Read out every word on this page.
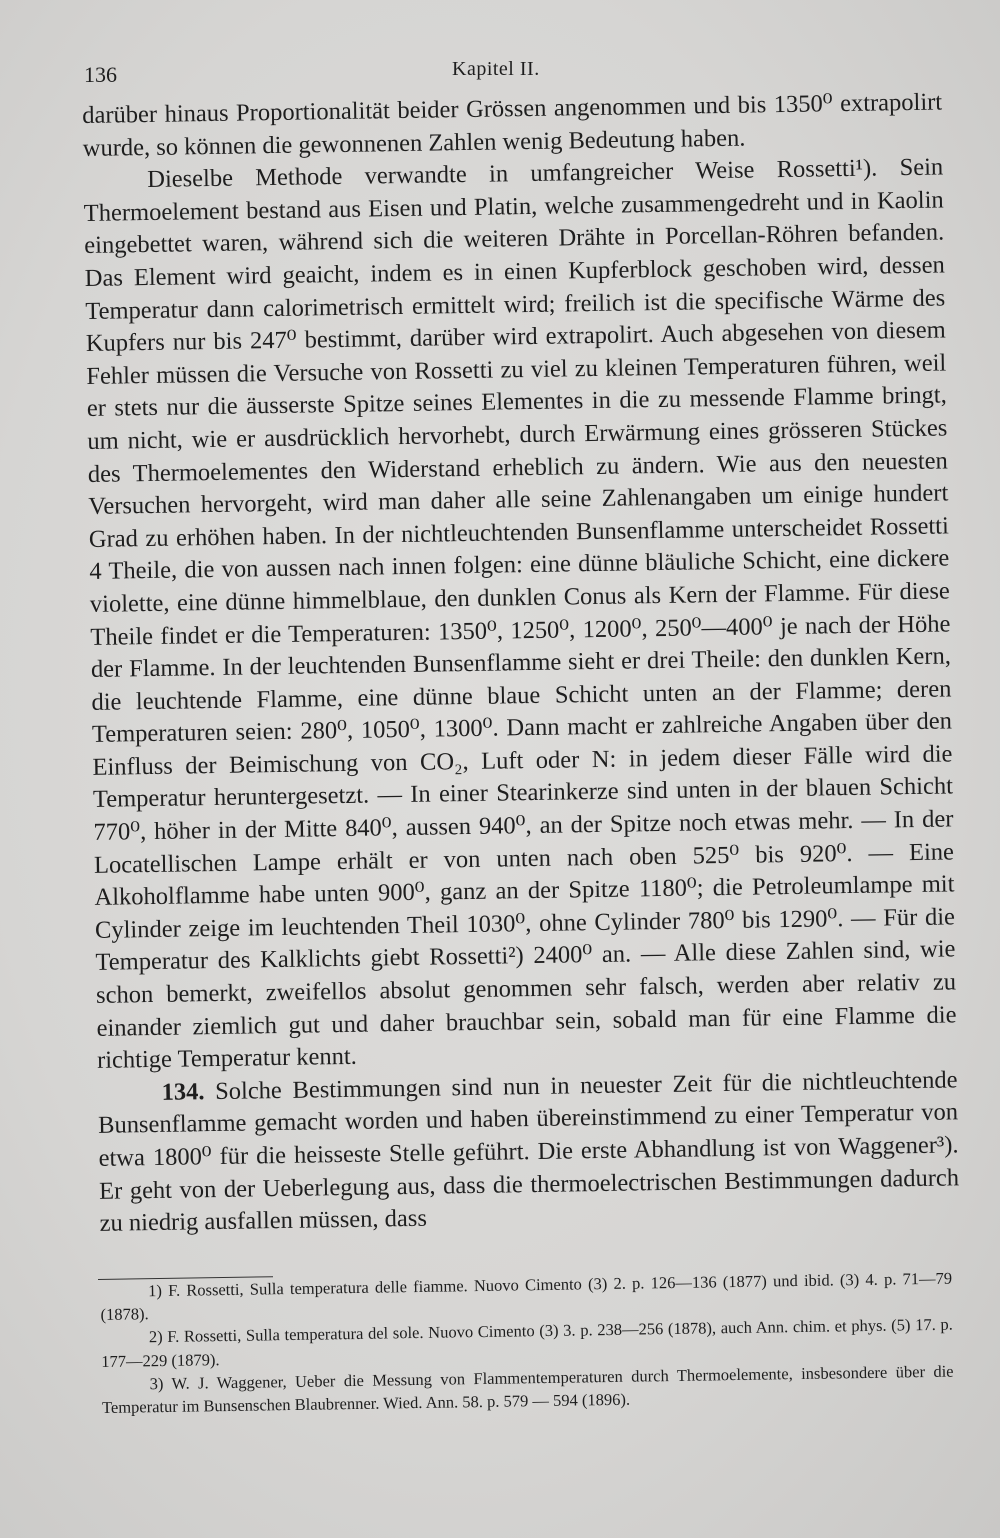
136	Kapitel II.

darüber hinaus Proportionalität beider Grössen angenommen und bis 1350⁰ extrapolirt wurde, so können die gewonnenen Zahlen wenig Bedeutung haben.

Dieselbe Methode verwandte in umfangreicher Weise Rossetti¹). Sein Thermoelement bestand aus Eisen und Platin, welche zusammengedreht und in Kaolin eingebettet waren, während sich die weiteren Drähte in Porcellan-Röhren befanden. Das Element wird geaicht, indem es in einen Kupferblock geschoben wird, dessen Temperatur dann calorimetrisch ermittelt wird; freilich ist die specifische Wärme des Kupfers nur bis 247⁰ bestimmt, darüber wird extrapolirt. Auch abgesehen von diesem Fehler müssen die Versuche von Rossetti zu viel zu kleinen Temperaturen führen, weil er stets nur die äusserste Spitze seines Elementes in die zu messende Flamme bringt, um nicht, wie er ausdrücklich hervorhebt, durch Erwärmung eines grösseren Stückes des Thermoelementes den Widerstand erheblich zu ändern. Wie aus den neuesten Versuchen hervorgeht, wird man daher alle seine Zahlenangaben um einige hundert Grad zu erhöhen haben. In der nichtleuchtenden Bunsenflamme unterscheidet Rossetti 4 Theile, die von aussen nach innen folgen: eine dünne bläuliche Schicht, eine dickere violette, eine dünne himmelblaue, den dunklen Conus als Kern der Flamme. Für diese Theile findet er die Temperaturen: 1350⁰, 1250⁰, 1200⁰, 250⁰—400⁰ je nach der Höhe der Flamme. In der leuchtenden Bunsenflamme sieht er drei Theile: den dunklen Kern, die leuchtende Flamme, eine dünne blaue Schicht unten an der Flamme; deren Temperaturen seien: 280⁰, 1050⁰, 1300⁰. Dann macht er zahlreiche Angaben über den Einfluss der Beimischung von CO₂, Luft oder N: in jedem dieser Fälle wird die Temperatur heruntergesetzt. — In einer Stearinkerze sind unten in der blauen Schicht 770⁰, höher in der Mitte 840⁰, aussen 940⁰, an der Spitze noch etwas mehr. — In der Locatellischen Lampe erhält er von unten nach oben 525⁰ bis 920⁰. — Eine Alkoholflamme habe unten 900⁰, ganz an der Spitze 1180⁰; die Petroleumlampe mit Cylinder zeige im leuchtenden Theil 1030⁰, ohne Cylinder 780⁰ bis 1290⁰. — Für die Temperatur des Kalklichts giebt Rossetti²) 2400⁰ an. — Alle diese Zahlen sind, wie schon bemerkt, zweifellos absolut genommen sehr falsch, werden aber relativ zu einander ziemlich gut und daher brauchbar sein, sobald man für eine Flamme die richtige Temperatur kennt.

134. Solche Bestimmungen sind nun in neuester Zeit für die nichtleuchtende Bunsenflamme gemacht worden und haben übereinstimmend zu einer Temperatur von etwa 1800⁰ für die heisseste Stelle geführt. Die erste Abhandlung ist von Waggener³). Er geht von der Ueberlegung aus, dass die thermoelectrischen Bestimmungen dadurch zu niedrig ausfallen müssen, dass

1) F. Rossetti, Sulla temperatura delle fiamme. Nuovo Cimento (3) 2. p. 126—136 (1877) und ibid. (3) 4. p. 71—79 (1878).

2) F. Rossetti, Sulla temperatura del sole. Nuovo Cimento (3) 3. p. 238—256 (1878), auch Ann. chim. et phys. (5) 17. p. 177—229 (1879).

3) W. J. Waggener, Ueber die Messung von Flammentemperaturen durch Thermoelemente, insbesondere über die Temperatur im Bunsenschen Blaubrenner. Wied. Ann. 58. p. 579 — 594 (1896).
